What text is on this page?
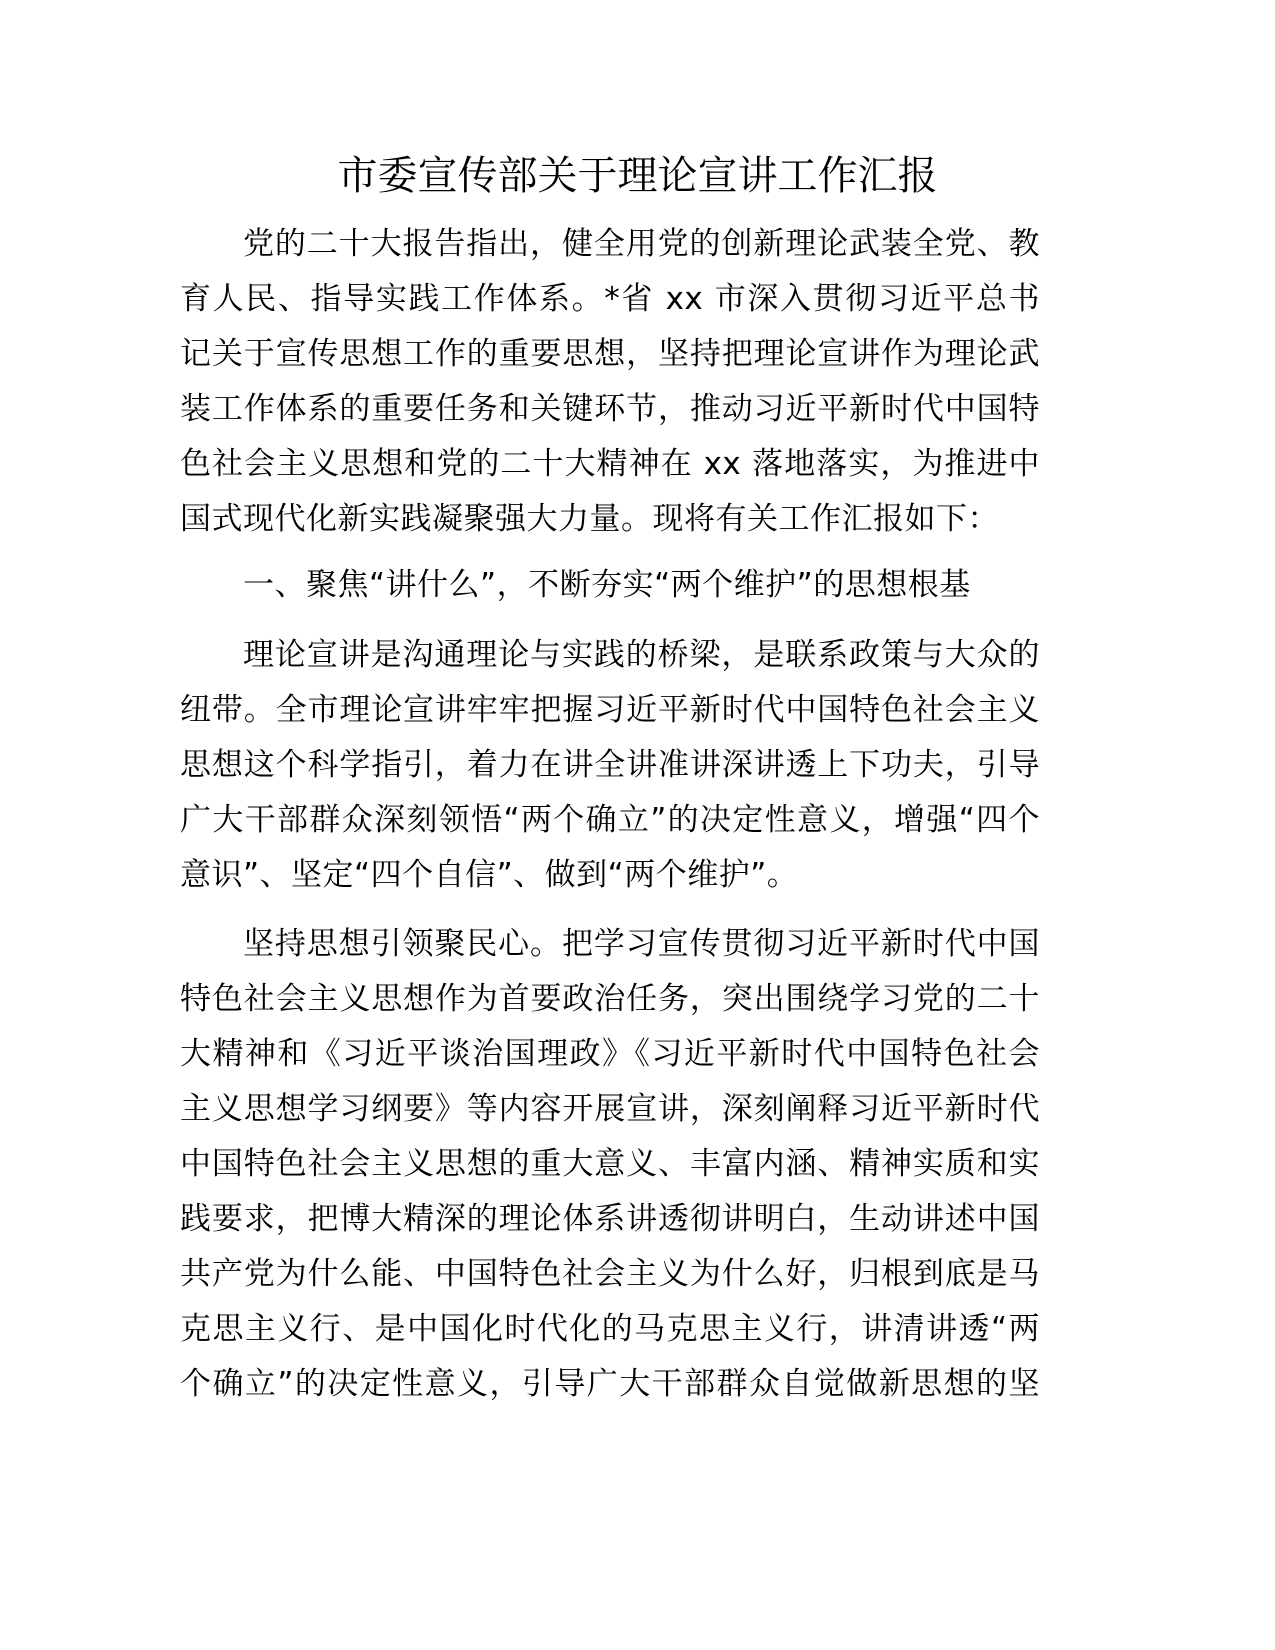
市委宣传部关于理论宣讲工作汇报
党的二十大报告指出，健全用党的创新理论武装全党、教
育人民、指导实践工作体系。*省 xx 市深入贯彻习近平总书
记关于宣传思想工作的重要思想，坚持把理论宣讲作为理论武
装工作体系的重要任务和关键环节，推动习近平新时代中国特
色社会主义思想和党的二十大精神在 xx 落地落实，为推进中
国式现代化新实践凝聚强大力量。现将有关工作汇报如下：
一、聚焦“讲什么”，不断夯实“两个维护”的思想根基
理论宣讲是沟通理论与实践的桥梁，是联系政策与大众的
纽带。全市理论宣讲牢牢把握习近平新时代中国特色社会主义
思想这个科学指引，着力在讲全讲准讲深讲透上下功夫，引导
广大干部群众深刻领悟“两个确立”的决定性意义，增强“四个
意识”、坚定“四个自信”、做到“两个维护”。
坚持思想引领聚民心。把学习宣传贯彻习近平新时代中国
特色社会主义思想作为首要政治任务，突出围绕学习党的二十
大精神和《习近平谈治国理政》《习近平新时代中国特色社会
主义思想学习纲要》等内容开展宣讲，深刻阐释习近平新时代
中国特色社会主义思想的重大意义、丰富内涵、精神实质和实
践要求，把博大精深的理论体系讲透彻讲明白，生动讲述中国
共产党为什么能、中国特色社会主义为什么好，归根到底是马
克思主义行、是中国化时代化的马克思主义行，讲清讲透“两
个确立”的决定性意义，引导广大干部群众自觉做新思想的坚
